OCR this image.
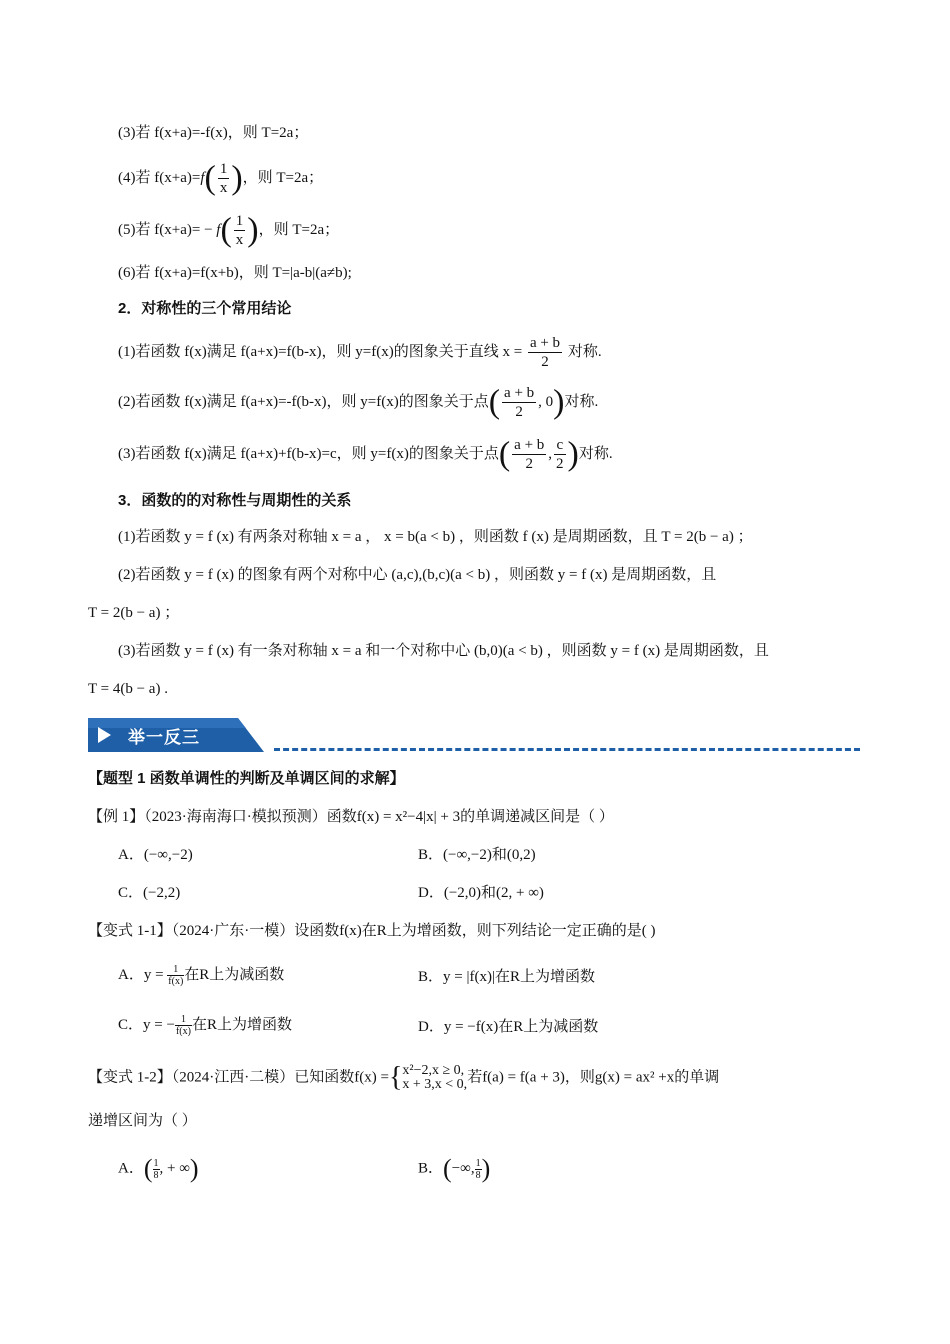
(3)若 f(x+a)=-f(x)，则 T=2a；
(4)若 $f(x+a)=f( \frac{1}{x}$ )，则 T=2a；
(5)若 $f(x+a)= - f( \frac{1}{x}$ )，则 T=2a；
(6)若 f(x+a)=f(x+b)，则 T=|a-b|(a≠b);
2．对称性的三个常用结论
(1)若函数 f(x)满足 f(a+x)=f(b-x)，则 y=f(x)的图象关于直线 $x = \frac{a + b}{2}$ 对称.
(2)若函数 f(x)满足 f(a+x)=-f(b-x)，则 y=f(x)的图象关于点( $\frac{a + b}{2}$ , 0)对称.
(3)若函数 f(x)满足 f(a+x)+f(b-x)=c，则 y=f(x)的图象关于点( $\frac{a + b}{2}$ , $\frac{c}{2}$ )对称.
3．函数的的对称性与周期性的关系
(1)若函数 y = f (x) 有两条对称轴 x = a ， x = b(a < b) ，则函数 f (x) 是周期函数，且 T = 2(b − a) ；
(2)若函数 y = f (x) 的图象有两个对称中心 (a,c),(b,c)(a < b) ，则函数 y = f (x) 是周期函数，且
T = 2(b − a) ；
(3)若函数 y = f (x) 有一条对称轴 x = a 和一个对称中心 (b,0)(a < b) ，则函数 y = f (x) 是周期函数，且
T = 4(b − a) .
举一反三
【题型 1 函数单调性的判断及单调区间的求解】
【例 1】（2023·海南海口·模拟预测）函数f(x) = x²−4|x| + 3的单调递减区间是（ ）
A．(−∞,−2)	B．(−∞,−2)和(0,2)
C．(−2,2)	D．(−2,0)和(2, + ∞)
【变式 1-1】（2024·广东·一模）设函数f(x)在R上为增函数，则下列结论一定正确的是( )
A．$y = \frac{1}{f(x)}$ 在R上为减函数	B．y = |f(x)|在R上为增函数
C．y = − $\frac{1}{f(x)}$ 在R上为增函数	D．y = −f(x)在R上为减函数
【变式 1-2】（2024·江西·二模）已知函数f(x) ={ x²−2,x ≥ 0,
x + 3,x < 0, 若f(a) = f(a + 3)，则g(x) = ax² +x的单调
递增区间为（ ）
A．( $\frac{1}{8}$ , + ∞)	B．(−∞, $\frac{1}{8}$ )
